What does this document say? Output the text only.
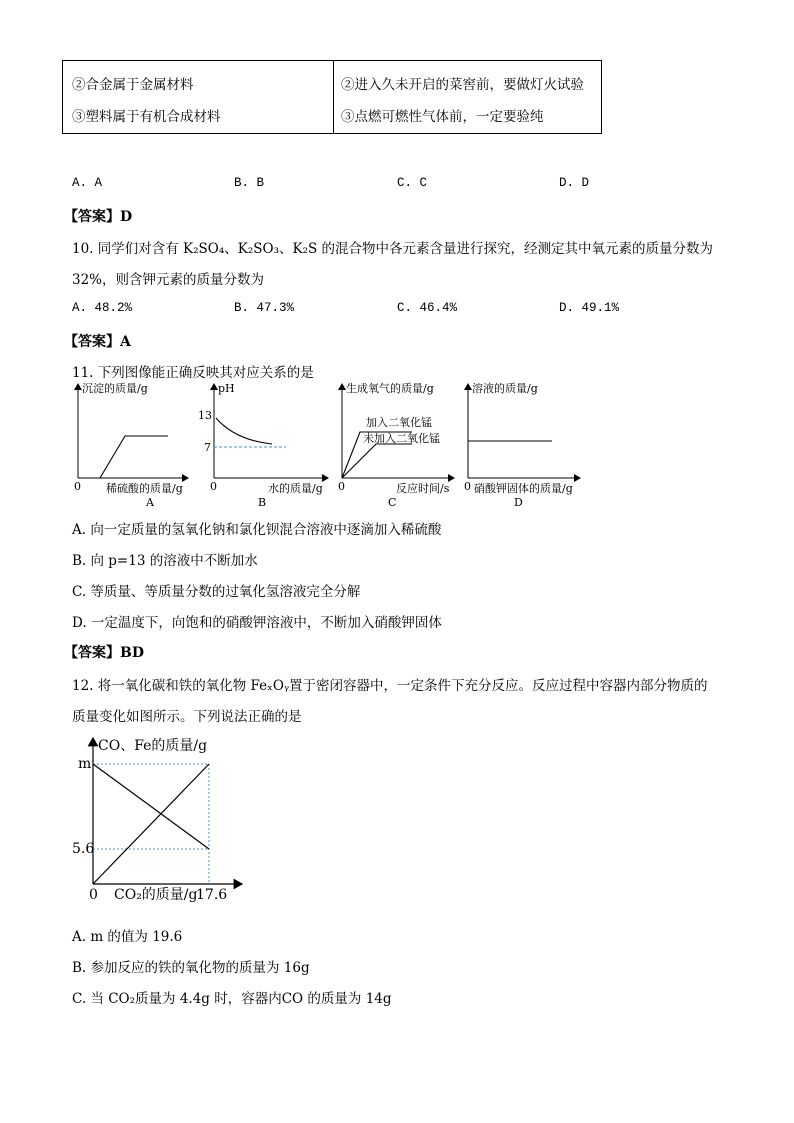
②合金属于金属材料
③塑料属于有机合成材料

②进入久未开启的菜窖前，要做灯火试验
③点燃可燃性气体前，一定要验纯
A. A	B. B	C. C	D. D
【答案】D
10. 同学们对含有 K₂SO₄、K₂SO₃、K₂S 的混合物中各元素含量进行探究，经测定其中氧元素的质量分数为
32%，则含钾元素的质量分数为
A. 48.2%	B. 47.3%	C. 46.4%	D. 49.1%
【答案】A
11. 下列图像能正确反映其对应关系的是
沉淀的质量/g
0 稀硫酸的质量/g
A
pH
13
7
0	水的质量/g
B
生成氧气的质量/g
加入二氧化锰
未加入二氧化锰
0	反应时间/s
C
溶液的质量/g
0 硝酸钾固体的质量/g
D
A. 向一定质量的氢氧化钠和氯化钡混合溶液中逐滴加入稀硫酸
B. 向 p=13 的溶液中不断加水
C. 等质量、等质量分数的过氧化氢溶液完全分解
D. 一定温度下，向饱和的硝酸钾溶液中，不断加入硝酸钾固体
【答案】BD
12. 将一氧化碳和铁的氧化物 FeₓOᵧ置于密闭容器中，一定条件下充分反应。反应过程中容器内部分物质的
质量变化如图所示。下列说法正确的是
CO、Fe的质量/g
m
5.6
0 CO₂的质量/g
17.6
A. m 的值为 19.6
B. 参加反应的铁的氧化物的质量为 16g
C. 当 CO₂质量为 4.4g 时，容器内CO 的质量为 14g
